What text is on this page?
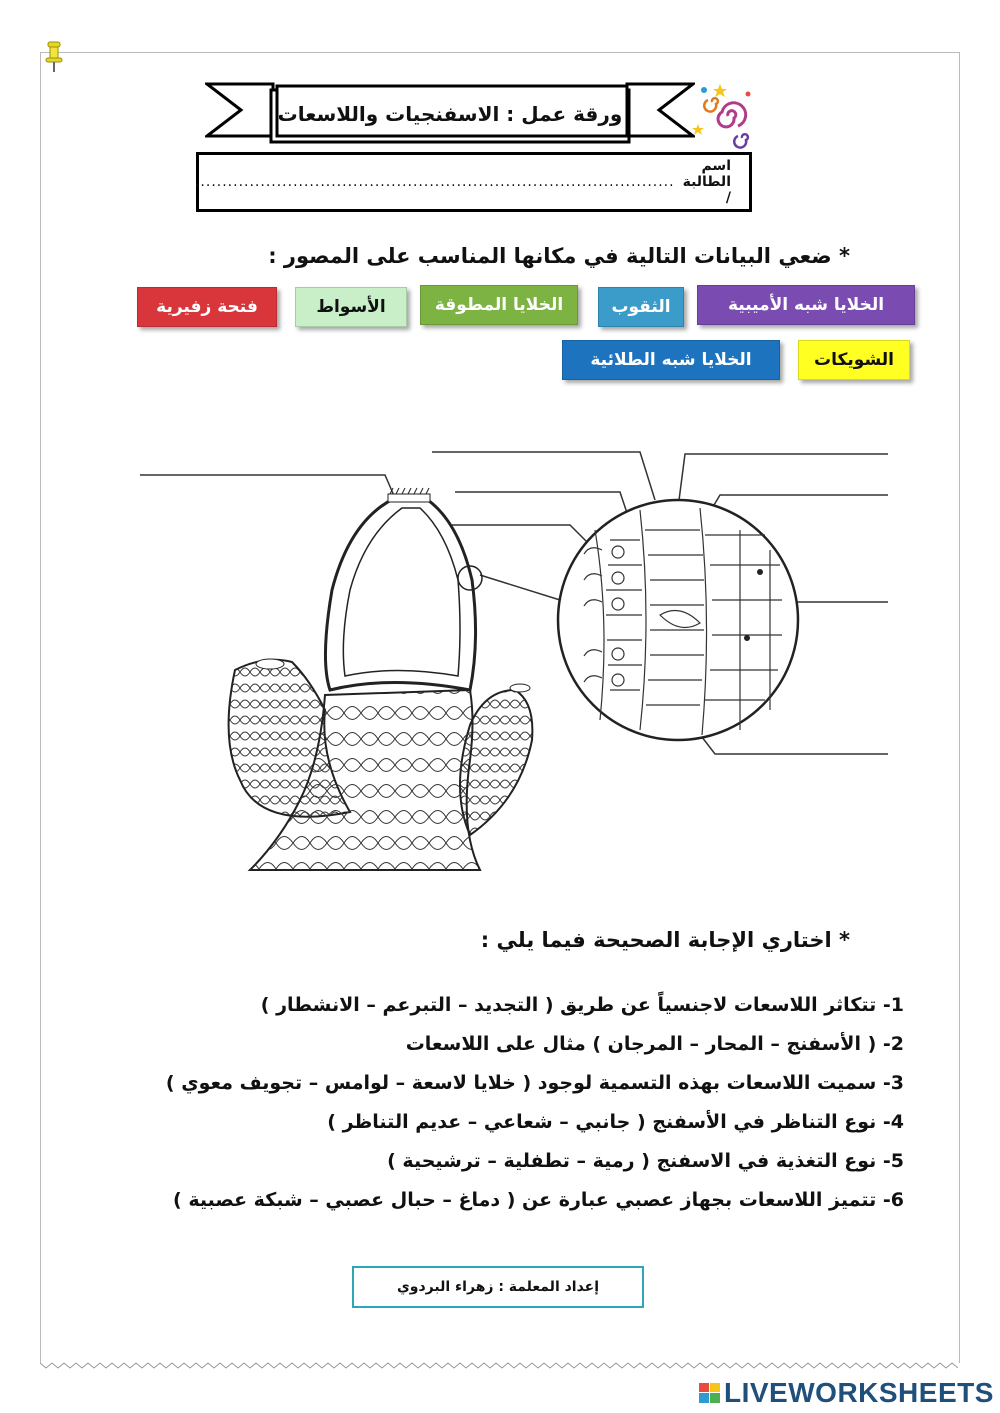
ورقة عمل : الاسفنجيات واللاسعات
اسم الطالبة /
........................................................................................
* ضعي البيانات التالية في مكانها المناسب على المصور :
الخلايا شبه الأميبية
الثقوب
الخلايا المطوقة
الأسواط
فتحة زفيرية
الشويكات
الخلايا شبه الطلائية
* اختاري الإجابة الصحيحة فيما يلي :
1- تتكاثر اللاسعات لاجنسياً عن طريق ( التجديد – التبرعم – الانشطار )
2- ( الأسفنج – المحار – المرجان ) مثال على اللاسعات
3- سميت اللاسعات بهذه التسمية لوجود ( خلايا لاسعة – لوامس – تجويف معوي )
4- نوع التناظر في الأسفنج ( جانبي – شعاعي – عديم التناظر )
5- نوع التغذية في الاسفنج ( رمية – تطفلية – ترشيحية )
6- تتميز اللاسعات بجهاز عصبي عبارة عن ( دماغ – حبال عصبي – شبكة عصبية )
إعداد المعلمة : زهراء البردوي
LIVEWORKSHEETS
